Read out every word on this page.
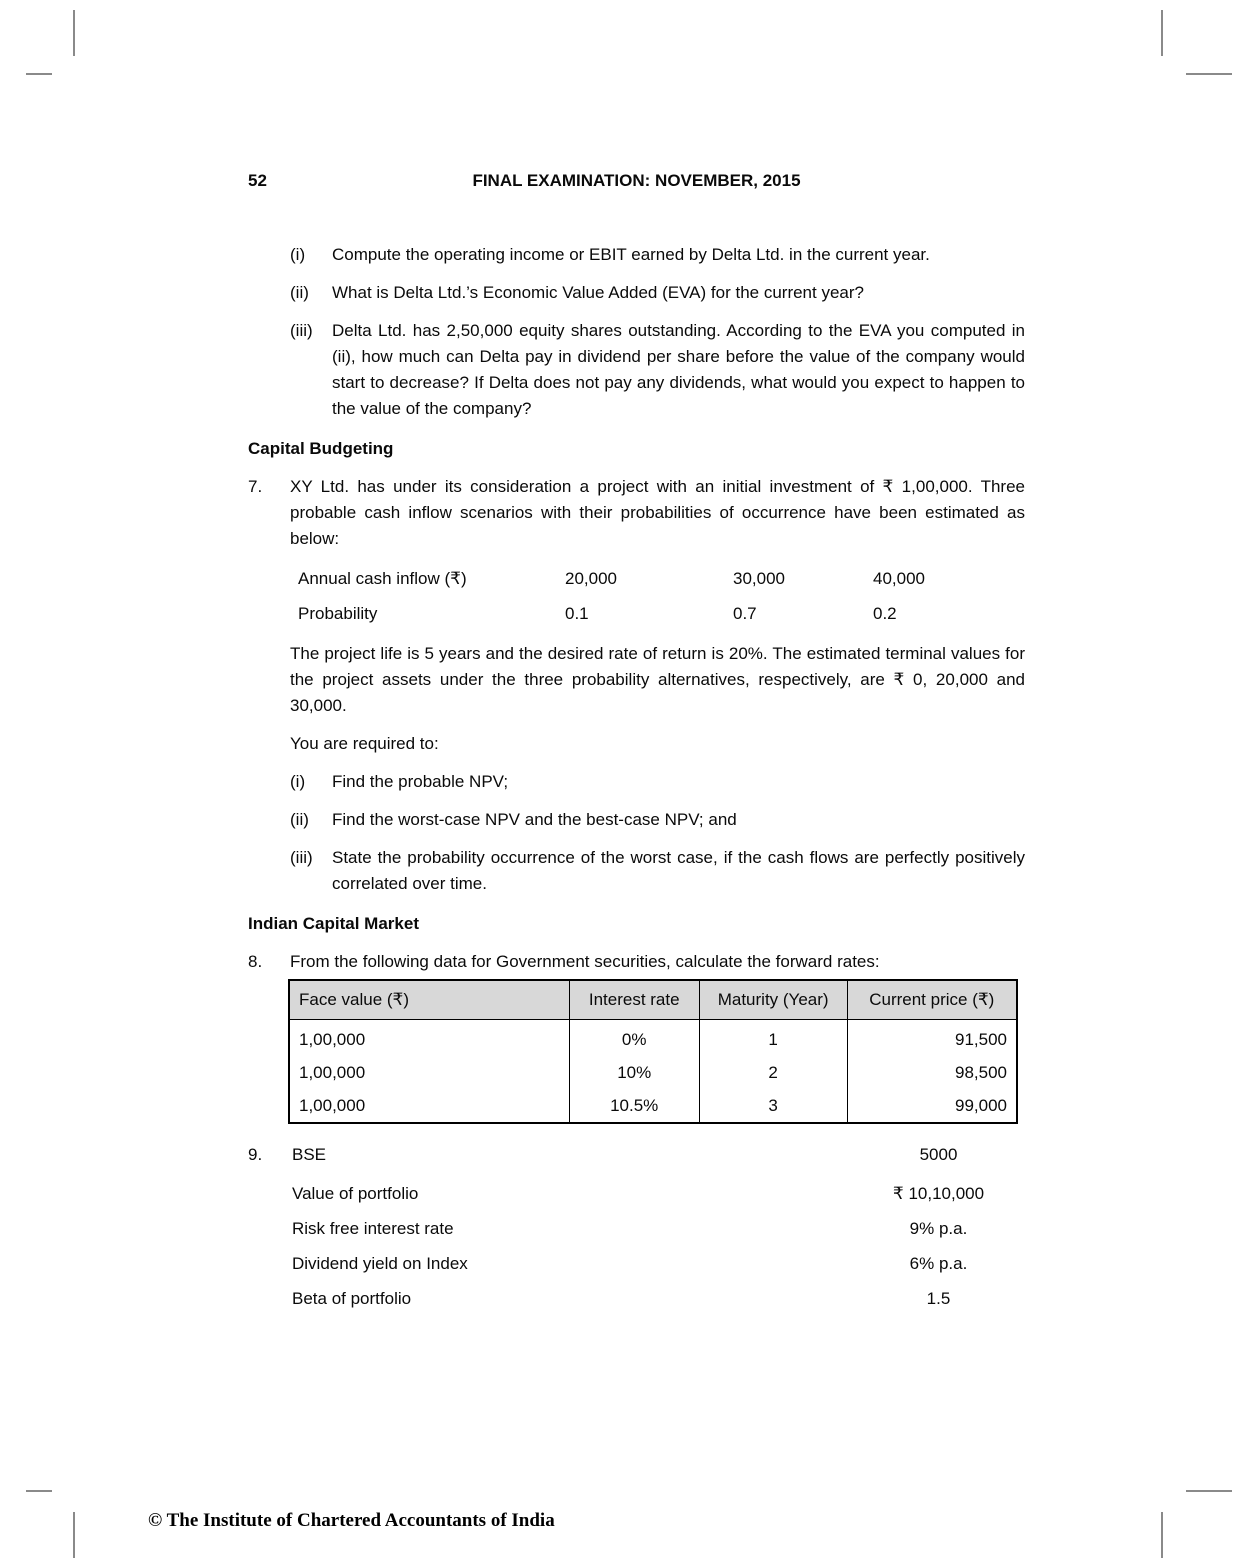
52	FINAL EXAMINATION: NOVEMBER, 2015
(i)	Compute the operating income or EBIT earned by Delta Ltd. in the current year.
(ii)	What is Delta Ltd.’s Economic Value Added (EVA) for the current year?
(iii)	Delta Ltd. has 2,50,000 equity shares outstanding. According to the EVA you computed in (ii), how much can Delta pay in dividend per share before the value of the company would start to decrease? If Delta does not pay any dividends, what would you expect to happen to the value of the company?
Capital Budgeting
7.	XY Ltd. has under its consideration a project with an initial investment of ₹ 1,00,000. Three probable cash inflow scenarios with their probabilities of occurrence have been estimated as below:
Annual cash inflow (₹)	20,000	30,000	40,000
Probability	0.1	0.7	0.2

The project life is 5 years and the desired rate of return is 20%. The estimated terminal values for the project assets under the three probability alternatives, respectively, are ₹ 0, 20,000 and 30,000.

You are required to:

(i)	Find the probable NPV;
(ii)	Find the worst-case NPV and the best-case NPV; and
(iii)	State the probability occurrence of the worst case, if the cash flows are perfectly positively correlated over time.
Indian Capital Market
8.	From the following data for Government securities, calculate the forward rates:
Face value (₹)	Interest rate	Maturity (Year)	Current price (₹)
1,00,000	0%	1	91,500
1,00,000	10%	2	98,500
1,00,000	10.5%	3	99,000
9.	BSE	5000
Value of portfolio	₹ 10,10,000
Risk free interest rate	9% p.a.
Dividend yield on Index	6% p.a.
Beta of portfolio	1.5
© The Institute of Chartered Accountants of India
